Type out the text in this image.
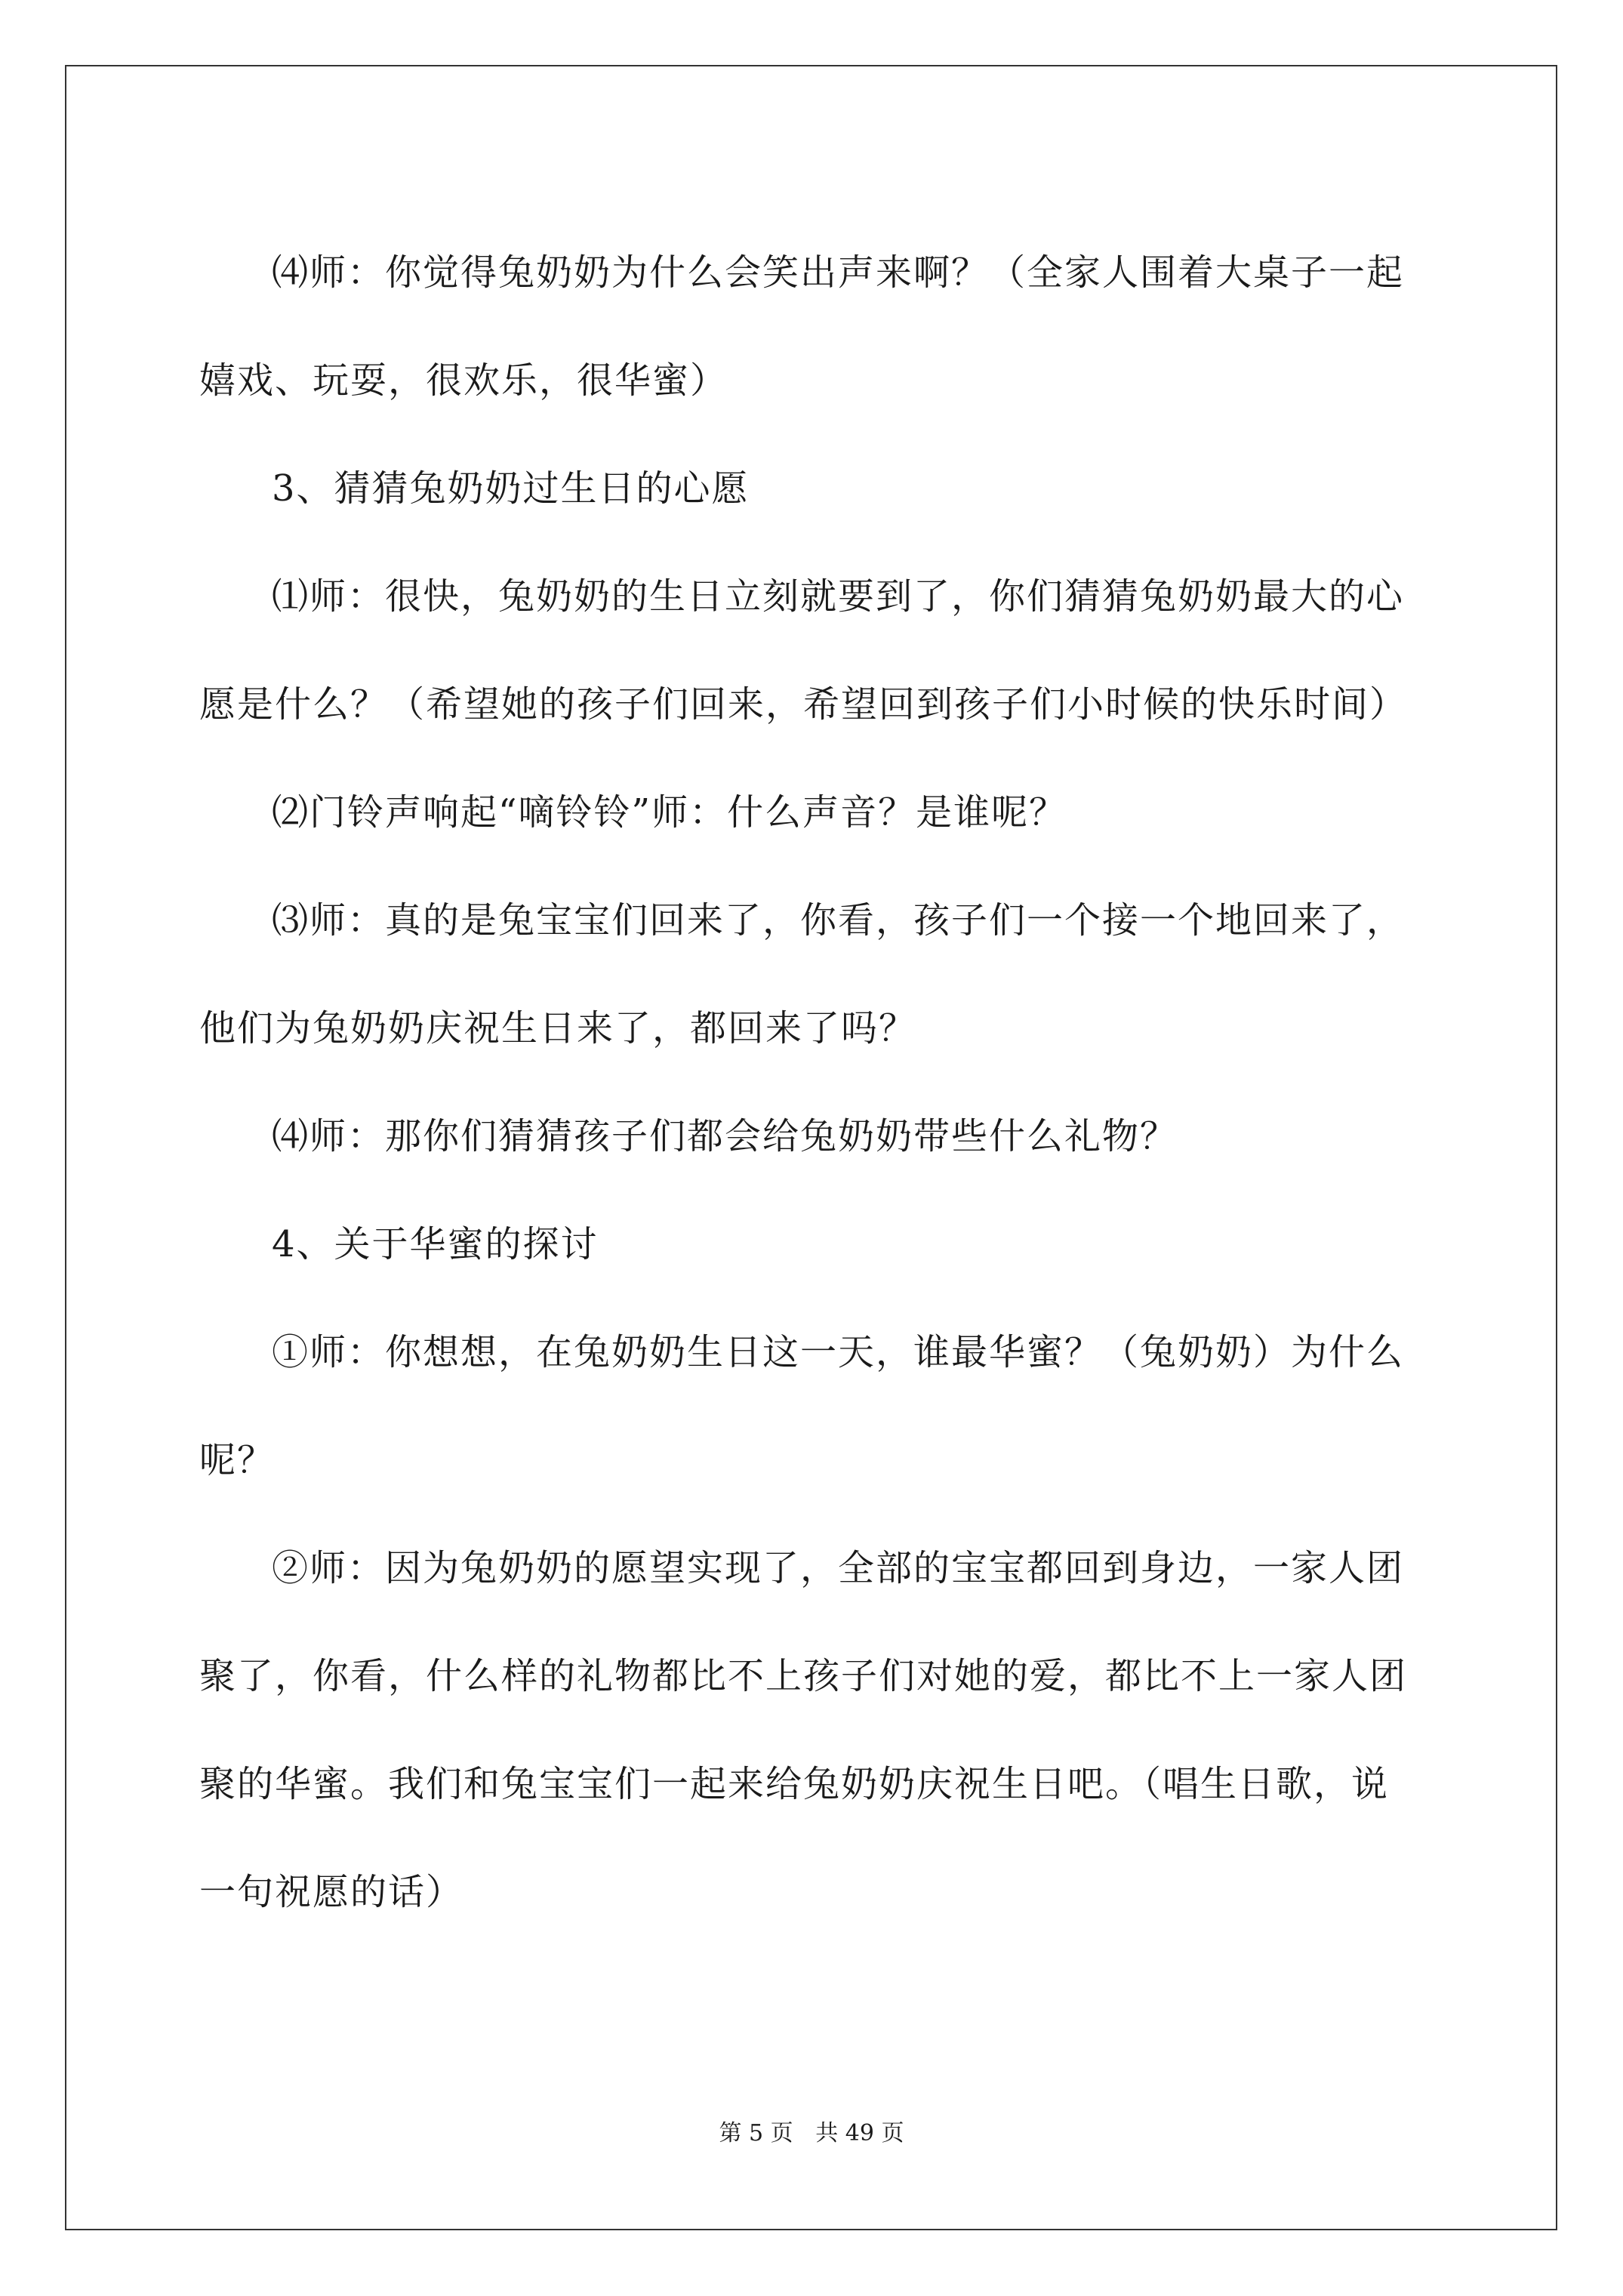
⑷师：你觉得兔奶奶为什么会笑出声来啊？（全家人围着大桌子一起嬉戏、玩耍，很欢乐，很华蜜）

3、猜猜兔奶奶过生日的心愿

⑴师：很快，兔奶奶的生日立刻就要到了，你们猜猜兔奶奶最大的心愿是什么？（希望她的孩子们回来，希望回到孩子们小时候的快乐时间）

⑵门铃声响起“嘀铃铃”师：什么声音？是谁呢？

⑶师：真的是兔宝宝们回来了，你看，孩子们一个接一个地回来了，他们为兔奶奶庆祝生日来了，都回来了吗？

⑷师：那你们猜猜孩子们都会给兔奶奶带些什么礼物？

4、关于华蜜的探讨

①师：你想想，在兔奶奶生日这一天，谁最华蜜？（兔奶奶）为什么呢？

②师：因为兔奶奶的愿望实现了，全部的宝宝都回到身边，一家人团聚了，你看，什么样的礼物都比不上孩子们对她的爱，都比不上一家人团聚的华蜜。我们和兔宝宝们一起来给兔奶奶庆祝生日吧。（唱生日歌，说一句祝愿的话）

第 5 页 共 49 页
